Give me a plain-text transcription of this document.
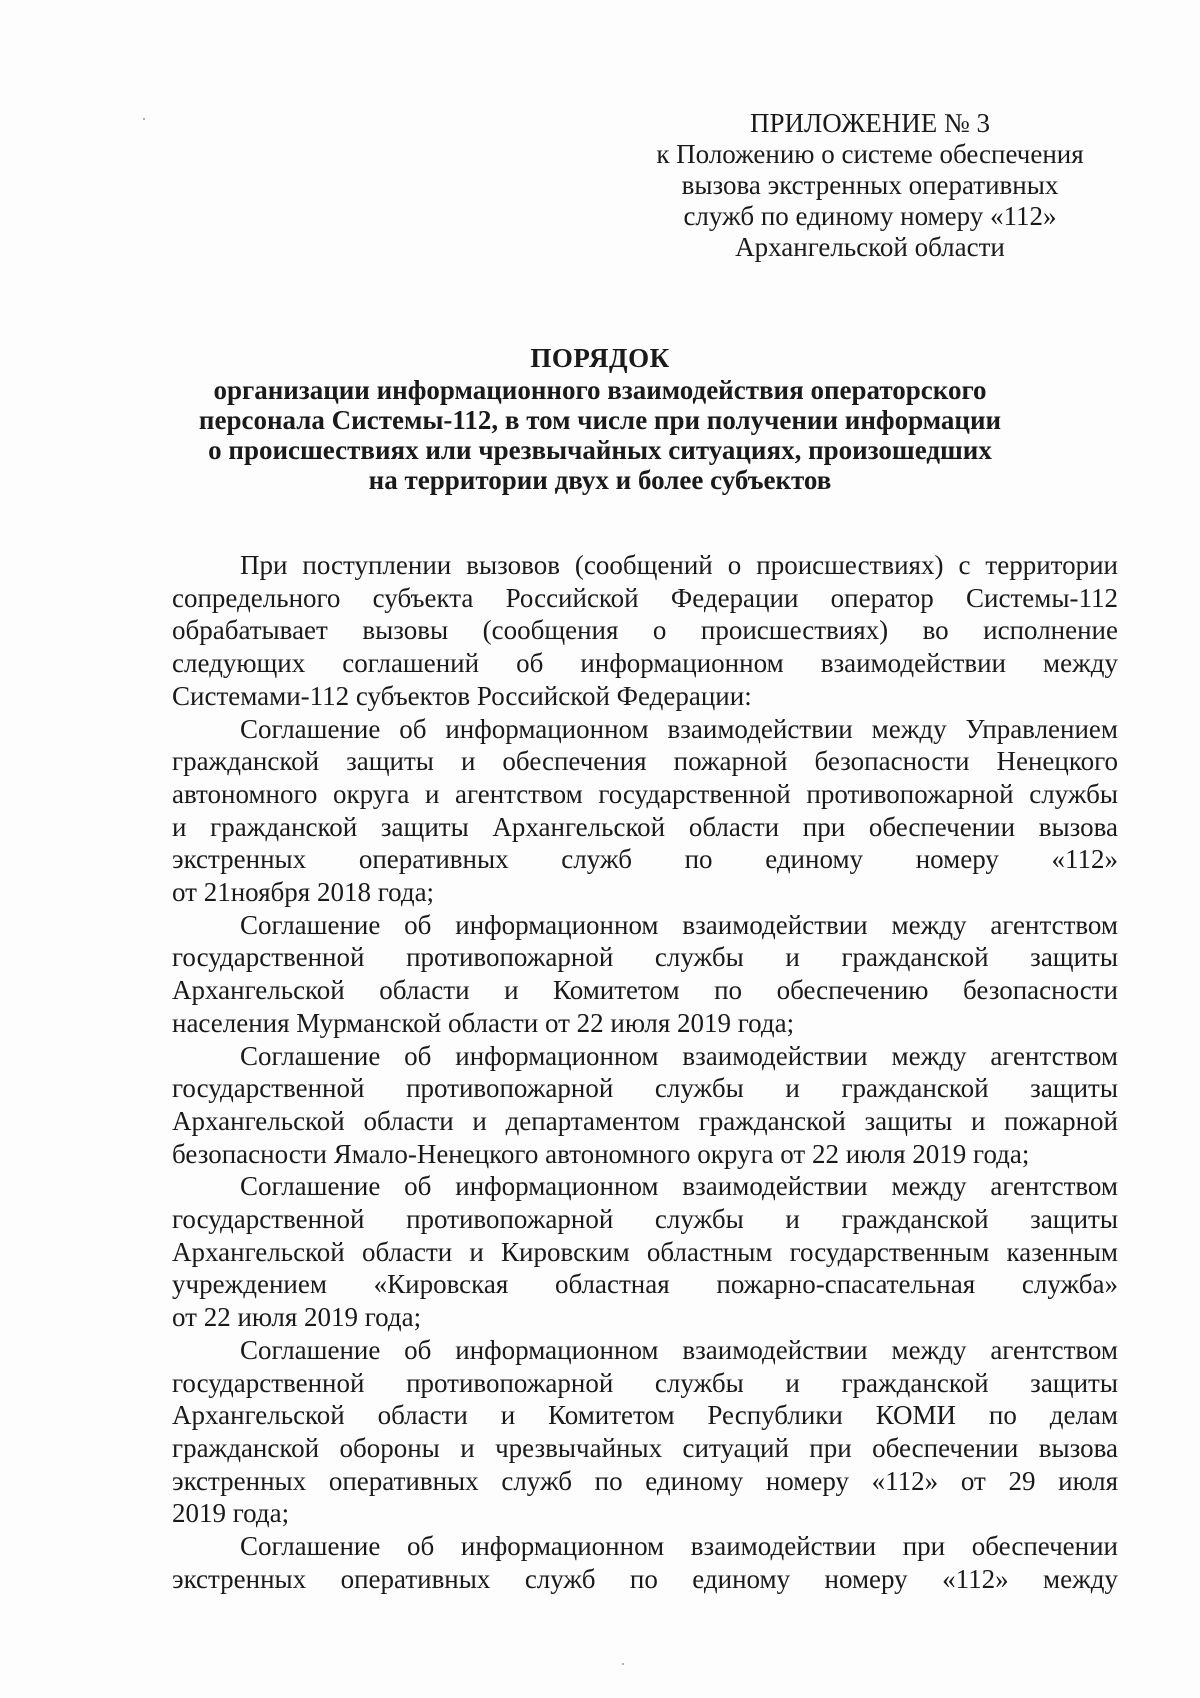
ПРИЛОЖЕНИЕ № 3
к Положению о системе обеспечения
вызова экстренных оперативных
служб по единому номеру «112»
Архангельской области
ПОРЯДОК
организации информационного взаимодействия операторского
персонала Системы-112, в том числе при получении информации
о происшествиях или чрезвычайных ситуациях, произошедших
на территории двух и более субъектов
При поступлении вызовов (сообщений о происшествиях) с территории
сопредельного субъекта Российской Федерации оператор Системы-112
обрабатывает вызовы (сообщения о происшествиях) во исполнение
следующих соглашений об информационном взаимодействии между
Системами-112 субъектов Российской Федерации:
Соглашение об информационном взаимодействии между Управлением
гражданской защиты и обеспечения пожарной безопасности Ненецкого
автономного округа и агентством государственной противопожарной службы
и гражданской защиты Архангельской области при обеспечении вызова
экстренных оперативных служб по единому номеру «112»
от 21ноября 2018 года;
Соглашение об информационном взаимодействии между агентством
государственной противопожарной службы и гражданской защиты
Архангельской области и Комитетом по обеспечению безопасности
населения Мурманской области от 22 июля 2019 года;
Соглашение об информационном взаимодействии между агентством
государственной противопожарной службы и гражданской защиты
Архангельской области и департаментом гражданской защиты и пожарной
безопасности Ямало-Ненецкого автономного округа от 22 июля 2019 года;
Соглашение об информационном взаимодействии между агентством
государственной противопожарной службы и гражданской защиты
Архангельской области и Кировским областным государственным казенным
учреждением «Кировская областная пожарно-спасательная служба»
от 22 июля 2019 года;
Соглашение об информационном взаимодействии между агентством
государственной противопожарной службы и гражданской защиты
Архангельской области и Комитетом Республики КОМИ по делам
гражданской обороны и чрезвычайных ситуаций при обеспечении вызова
экстренных оперативных служб по единому номеру «112» от 29 июля
2019 года;
Соглашение об информационном взаимодействии при обеспечении
экстренных оперативных служб по единому номеру «112» между
